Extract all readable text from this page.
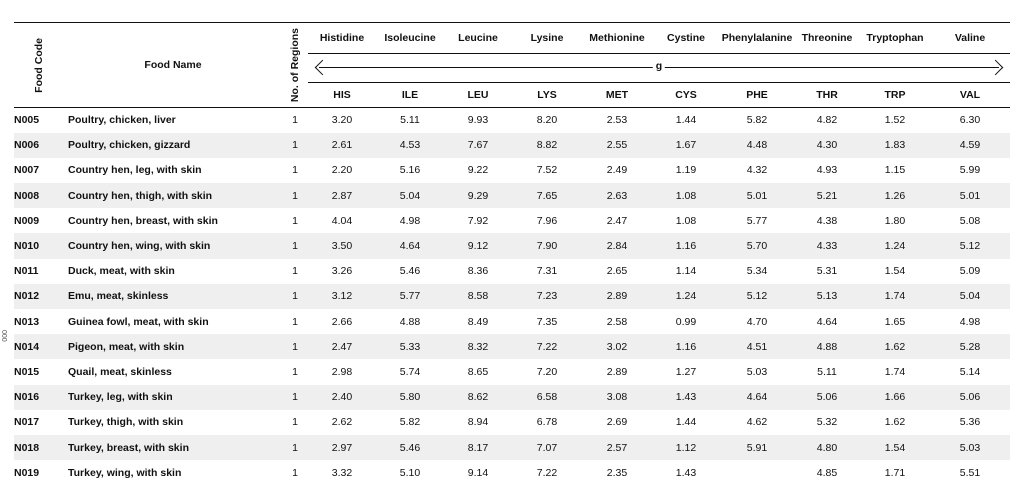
000
Food Code	Food Name	No. of Regions	Histidine	Isoleucine	Leucine	Lysine	Methionine	Cystine	Phenylalanine	Threonine	Tryptophan	Valine

			g									

			HIS	ILE	LEU	LYS	MET	CYS	PHE	THR	TRP	VAL
N005	Poultry, chicken, liver	1	3.20	5.11	9.93	8.20	2.53	1.44	5.82	4.82	1.52	6.30
N006	Poultry, chicken, gizzard	1	2.61	4.53	7.67	8.82	2.55	1.67	4.48	4.30	1.83	4.59
N007	Country hen, leg, with skin	1	2.20	5.16	9.22	7.52	2.49	1.19	4.32	4.93	1.15	5.99
N008	Country hen, thigh, with skin	1	2.87	5.04	9.29	7.65	2.63	1.08	5.01	5.21	1.26	5.01
N009	Country hen, breast, with skin	1	4.04	4.98	7.92	7.96	2.47	1.08	5.77	4.38	1.80	5.08
N010	Country hen, wing, with skin	1	3.50	4.64	9.12	7.90	2.84	1.16	5.70	4.33	1.24	5.12
N011	Duck, meat, with skin	1	3.26	5.46	8.36	7.31	2.65	1.14	5.34	5.31	1.54	5.09
N012	Emu, meat, skinless	1	3.12	5.77	8.58	7.23	2.89	1.24	5.12	5.13	1.74	5.04
N013	Guinea fowl, meat, with skin	1	2.66	4.88	8.49	7.35	2.58	0.99	4.70	4.64	1.65	4.98
N014	Pigeon, meat, with skin	1	2.47	5.33	8.32	7.22	3.02	1.16	4.51	4.88	1.62	5.28
N015	Quail, meat, skinless	1	2.98	5.74	8.65	7.20	2.89	1.27	5.03	5.11	1.74	5.14
N016	Turkey, leg, with skin	1	2.40	5.80	8.62	6.58	3.08	1.43	4.64	5.06	1.66	5.06
N017	Turkey, thigh, with skin	1	2.62	5.82	8.94	6.78	2.69	1.44	4.62	5.32	1.62	5.36
N018	Turkey, breast, with skin	1	2.97	5.46	8.17	7.07	2.57	1.12	5.91	4.80	1.54	5.03
N019	Turkey, wing, with skin	1	3.32	5.10	9.14	7.22	2.35	1.43		4.85	1.71	5.51
